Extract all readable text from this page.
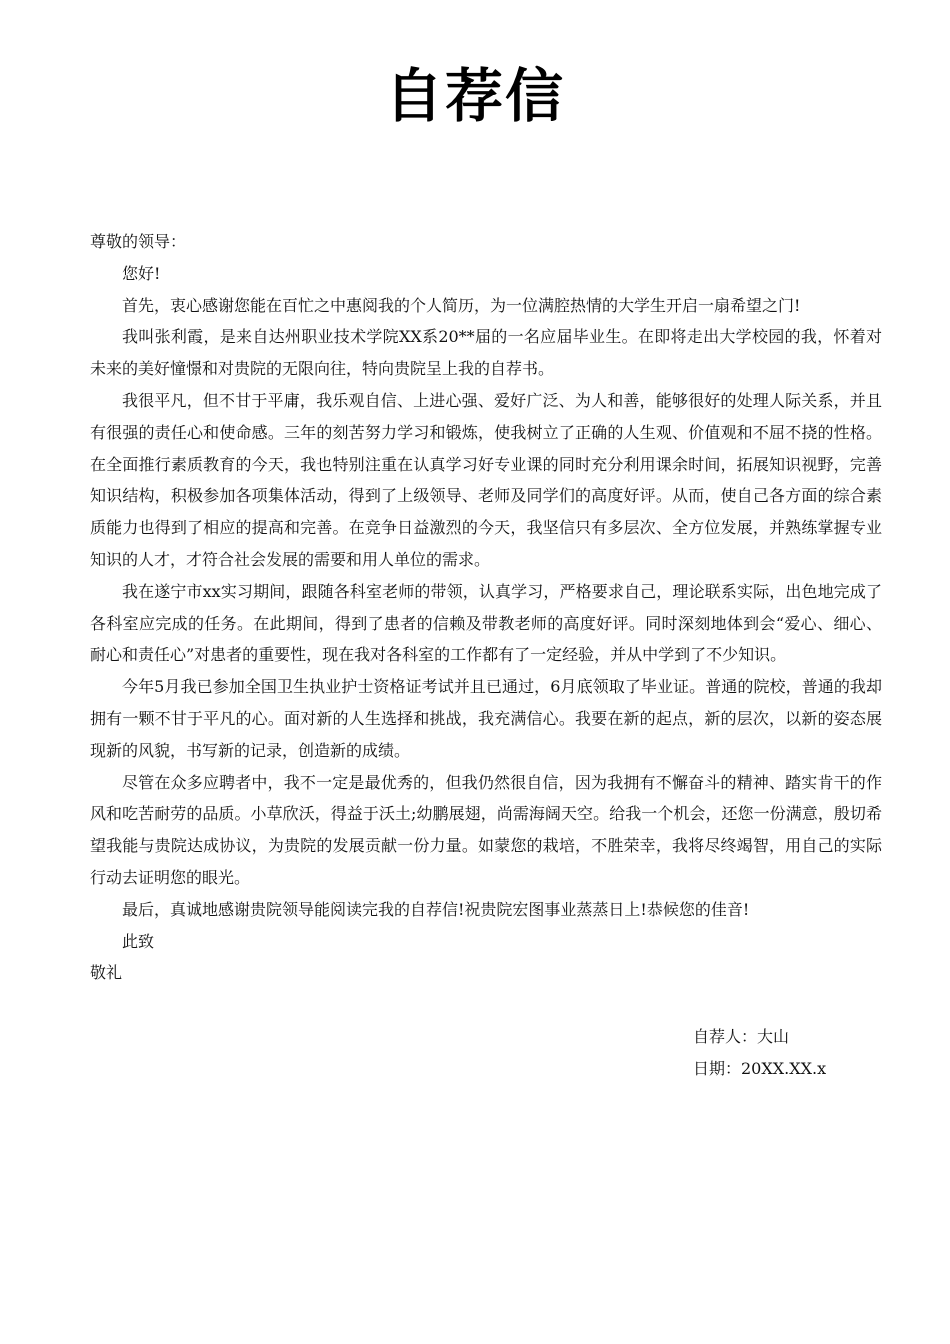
自荐信

尊敬的领导：

您好!

首先，衷心感谢您能在百忙之中惠阅我的个人简历，为一位满腔热情的大学生开启一扇希望之门!

我叫张利霞，是来自达州职业技术学院XX系20**届的一名应届毕业生。在即将走出大学校园的我，怀着对未来的美好憧憬和对贵院的无限向往，特向贵院呈上我的自荐书。

我很平凡，但不甘于平庸，我乐观自信、上进心强、爱好广泛、为人和善，能够很好的处理人际关系，并且有很强的责任心和使命感。三年的刻苦努力学习和锻炼，使我树立了正确的人生观、价值观和不屈不挠的性格。在全面推行素质教育的今天，我也特别注重在认真学习好专业课的同时充分利用课余时间，拓展知识视野，完善知识结构，积极参加各项集体活动，得到了上级领导、老师及同学们的高度好评。从而，使自己各方面的综合素质能力也得到了相应的提高和完善。在竞争日益激烈的今天，我坚信只有多层次、全方位发展，并熟练掌握专业知识的人才，才符合社会发展的需要和用人单位的需求。

我在遂宁市xx实习期间，跟随各科室老师的带领，认真学习，严格要求自己，理论联系实际，出色地完成了各科室应完成的任务。在此期间，得到了患者的信赖及带教老师的高度好评。同时深刻地体到会“爱心、细心、耐心和责任心”对患者的重要性，现在我对各科室的工作都有了一定经验，并从中学到了不少知识。

今年5月我已参加全国卫生执业护士资格证考试并且已通过，6月底领取了毕业证。普通的院校，普通的我却拥有一颗不甘于平凡的心。面对新的人生选择和挑战，我充满信心。我要在新的起点，新的层次，以新的姿态展现新的风貌，书写新的记录，创造新的成绩。

尽管在众多应聘者中，我不一定是最优秀的，但我仍然很自信，因为我拥有不懈奋斗的精神、踏实肯干的作风和吃苦耐劳的品质。小草欣沃，得益于沃土;幼鹏展翅，尚需海阔天空。给我一个机会，还您一份满意，殷切希望我能与贵院达成协议，为贵院的发展贡献一份力量。如蒙您的栽培，不胜荣幸，我将尽终竭智，用自己的实际行动去证明您的眼光。

最后，真诚地感谢贵院领导能阅读完我的自荐信!祝贵院宏图事业蒸蒸日上!恭候您的佳音!

此致

敬礼

自荐人：大山

日期：20XX.XX.x
